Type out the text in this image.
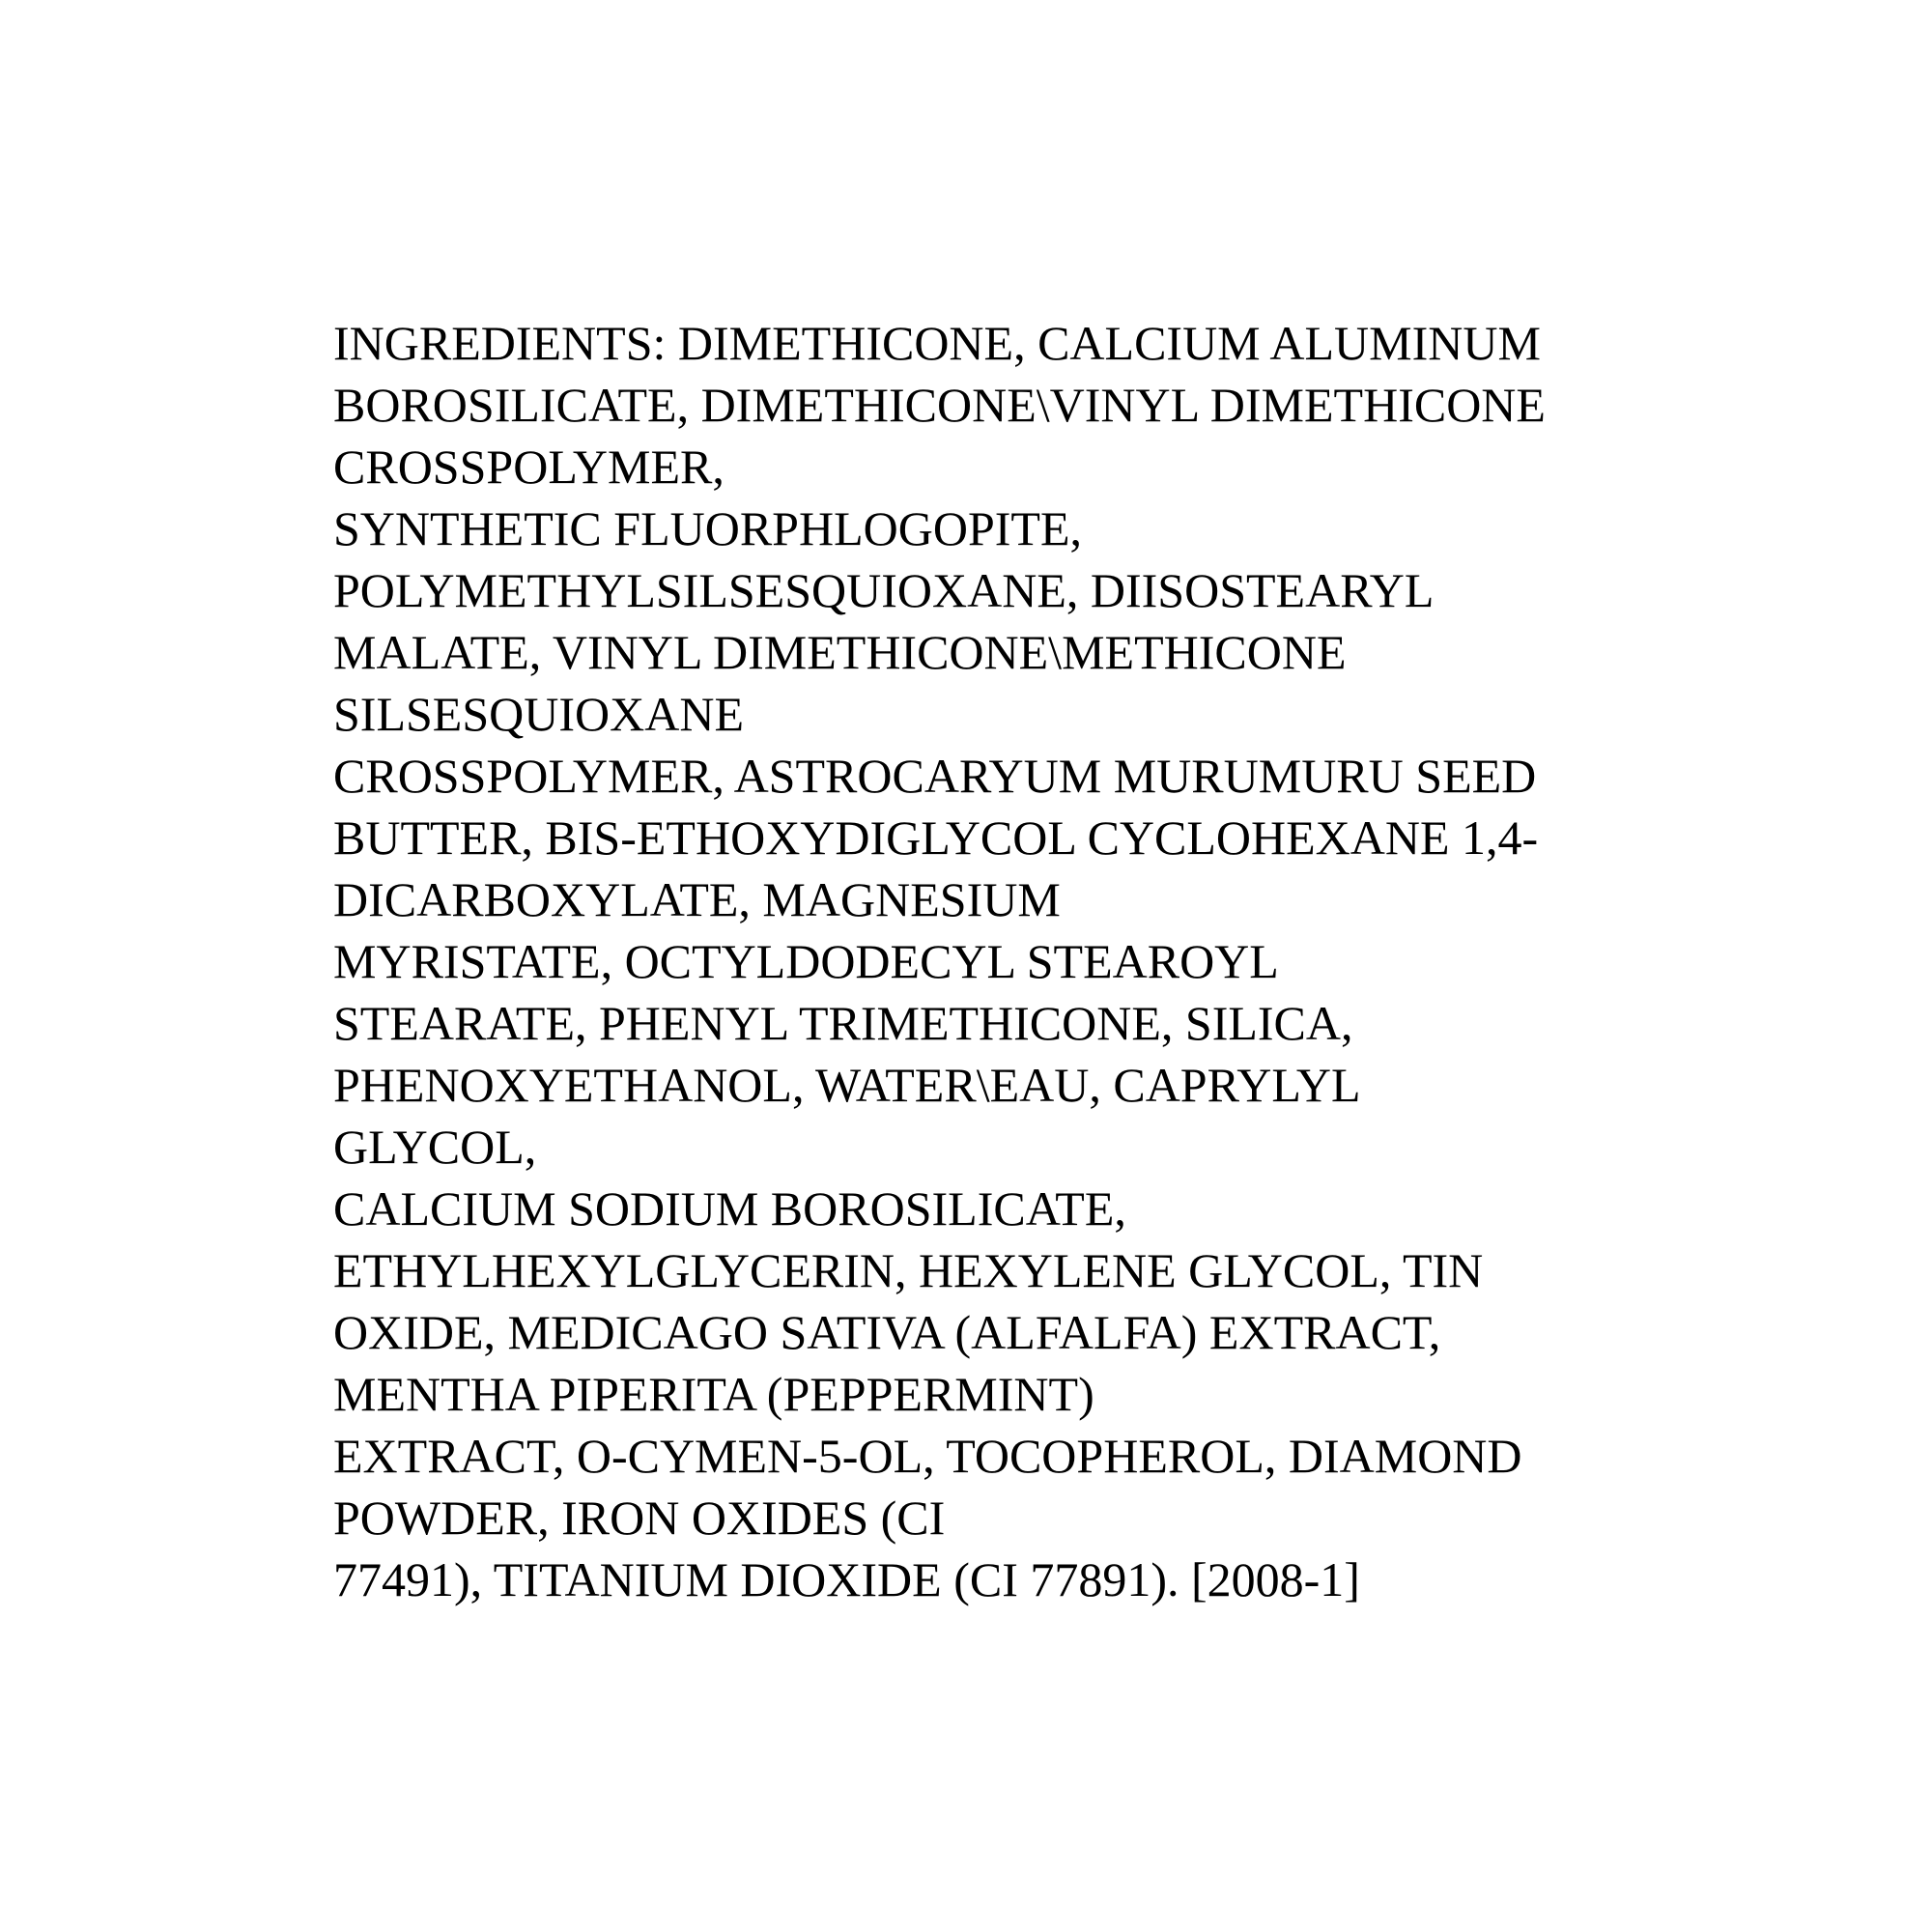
INGREDIENTS: DIMETHICONE, CALCIUM ALUMINUM
BOROSILICATE, DIMETHICONE\VINYL DIMETHICONE
CROSSPOLYMER,
SYNTHETIC FLUORPHLOGOPITE,
POLYMETHYLSILSESQUIOXANE, DIISOSTEARYL
MALATE, VINYL DIMETHICONE\METHICONE
SILSESQUIOXANE
CROSSPOLYMER, ASTROCARYUM MURUMURU SEED
BUTTER, BIS-ETHOXYDIGLYCOL CYCLOHEXANE 1,4-
DICARBOXYLATE, MAGNESIUM
MYRISTATE, OCTYLDODECYL STEAROYL
STEARATE, PHENYL TRIMETHICONE, SILICA,
PHENOXYETHANOL, WATER\EAU, CAPRYLYL
GLYCOL,
CALCIUM SODIUM BOROSILICATE,
ETHYLHEXYLGLYCERIN, HEXYLENE GLYCOL, TIN
OXIDE, MEDICAGO SATIVA (ALFALFA) EXTRACT,
MENTHA PIPERITA (PEPPERMINT)
EXTRACT, O-CYMEN-5-OL, TOCOPHEROL, DIAMOND
POWDER, IRON OXIDES (CI
77491), TITANIUM DIOXIDE (CI 77891). [2008-1]
